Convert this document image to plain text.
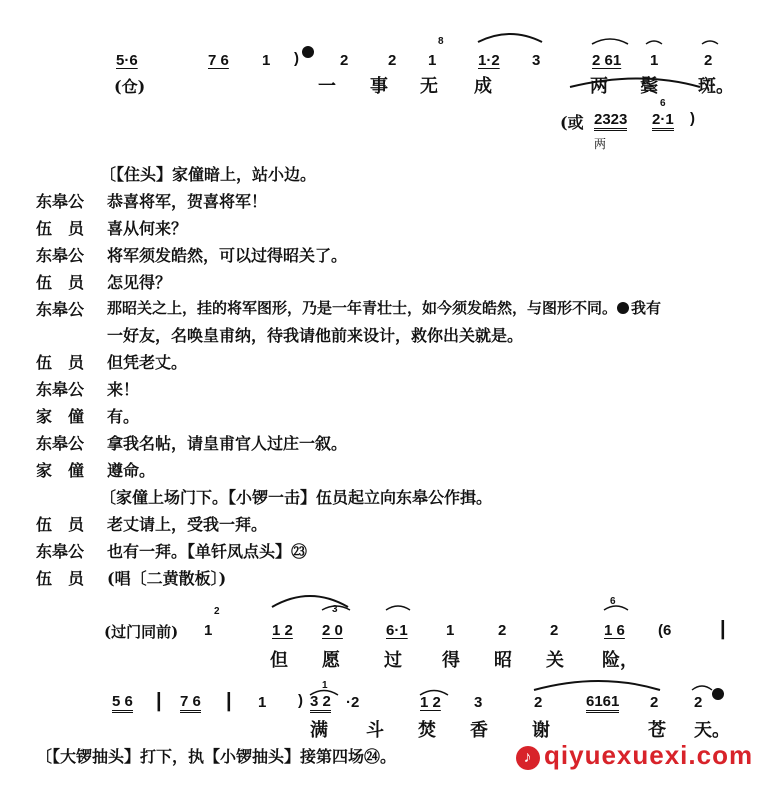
5·6
(仓)
7 6 1 )	2	2 1
8
1·2 3	2 61 1	2
一 事 无 成	两 鬓 斑。
(或 2323 2·1
6
)
两
〔【住头】家僮暗上，站小边。
东皋公 恭喜将军，贺喜将军！
伍　员 喜从何来？
东皋公 将军须发皓然，可以过得昭关了。
伍　员 怎见得？
东皋公 那昭关之上，挂的将军图形，乃是一年青壮士，如今须发皓然，与图形不同。 我有
一好友，名唤皇甫纳，待我请他前来设计，救你出关就是。
伍　员 但凭老丈。
东皋公 来！
家　僮 有。
东皋公 拿我名帖，请皇甫官人过庄一叙。
家　僮 遵命。
〔家僮上场门下。【小锣一击】伍员起立向东皋公作揖。
伍　员 老丈请上，受我一拜。
东皋公 也有一拜。【单钎凤点头】㉓
伍　员 (唱〔二黄散板〕)
(过门同前) 1
2
1 2
3
2 0	6·1	1	2	2	1 6
6
(6 |
但 愿 过 得 昭 关 险，
5 6 | 7 6 | 1 ) 3 2
1
·2	1 2 3	2	6161 2 2
满 斗 焚 香 谢	苍 天。
〔【大锣抽头】打下，执【小锣抽头】接第四场㉔。	♪ qiyuexuexi.com
